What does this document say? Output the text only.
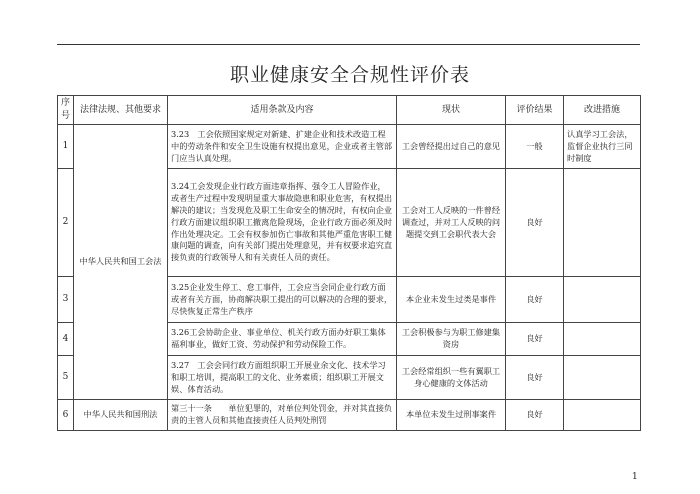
职业健康安全合规性评价表
序号	法律法规、其他要求	适用条款及内容	现状	评价结果	改进措施
1	中华人民共和国工会法	3.23　工会依照国家规定对新建、扩建企业和技术改造工程中的劳动条件和安全卫生设施有权提出意见，企业或者主管部门应当认真处理。	工会曾经提出过自己的意见	一般	认真学习工会法，监督企业执行三同时制度
2		3.24工会发现企业行政方面违章指挥、强令工人冒险作业，或者生产过程中发现明显重大事故隐患和职业危害，有权提出解决的建议；当发现危及职工生命安全的情况时，有权向企业行政方面建议组织职工撤离危险现场，企业行政方面必须及时作出处理决定。工会有权参加伤亡事故和其他严重危害职工健康问题的调查，向有关部门提出处理意见，并有权要求追究直接负责的行政领导人和有关责任人员的责任。	工会对工人反映的一件曾经调查过，并对工人反映的问题提交到工会职代表大会	良好	
3		3.25企业发生停工、怠工事件，工会应当会同企业行政方面或者有关方面，协商解决职工提出的可以解决的合理的要求，尽快恢复正常生产秩序	本企业未发生过类是事件	良好	
4		3.26工会协助企业、事业单位、机关行政方面办好职工集体福利事业，做好工资、劳动保护和劳动保险工作。	工会积极参与为职工修建集资房	良好	
5		3.27　工会会同行政方面组织职工开展业余文化、技术学习和职工培训，提高职工的文化、业务素质；组织职工开展文娱、体育活动。	工会经常组织一些有翼职工身心健康的文体活动	良好	
6	中华人民共和国刑法	第三十一条　　单位犯罪的，对单位判处罚金，并对其直接负责的主管人员和其他直接责任人员判处刑罚	本单位未发生过刑事案件	良好	
1
